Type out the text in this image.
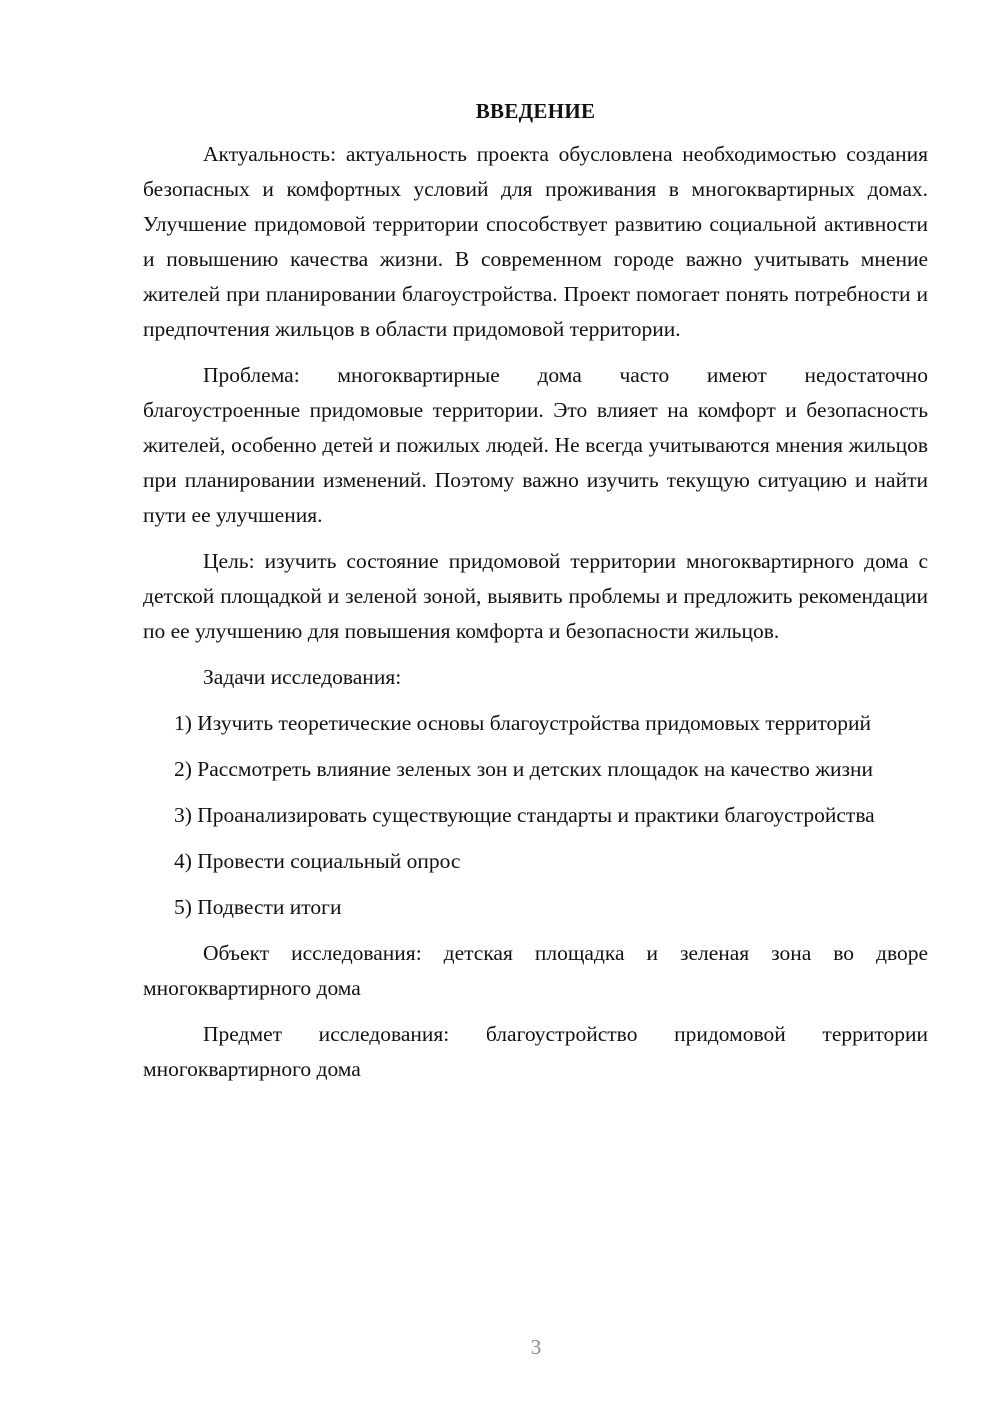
ВВЕДЕНИЕ

Актуальность: актуальность проекта обусловлена необходимостью создания безопасных и комфортных условий для проживания в многоквартирных домах. Улучшение придомовой территории способствует развитию социальной активности и повышению качества жизни. В современном городе важно учитывать мнение жителей при планировании благоустройства. Проект помогает понять потребности и предпочтения жильцов в области придомовой территории.

Проблема: многоквартирные дома часто имеют недостаточно благоустроенные придомовые территории. Это влияет на комфорт и безопасность жителей, особенно детей и пожилых людей. Не всегда учитываются мнения жильцов при планировании изменений. Поэтому важно изучить текущую ситуацию и найти пути ее улучшения.

Цель: изучить состояние придомовой территории многоквартирного дома с детской площадкой и зеленой зоной, выявить проблемы и предложить рекомендации по ее улучшению для повышения комфорта и безопасности жильцов.

Задачи исследования:

1) Изучить теоретические основы благоустройства придомовых территорий
2) Рассмотреть влияние зеленых зон и детских площадок на качество жизни
3) Проанализировать существующие стандарты и практики благоустройства
4) Провести социальный опрос
5) Подвести итоги

Объект исследования: детская площадка и зеленая зона во дворе многоквартирного дома

Предмет исследования: благоустройство придомовой территории многоквартирного дома

3
